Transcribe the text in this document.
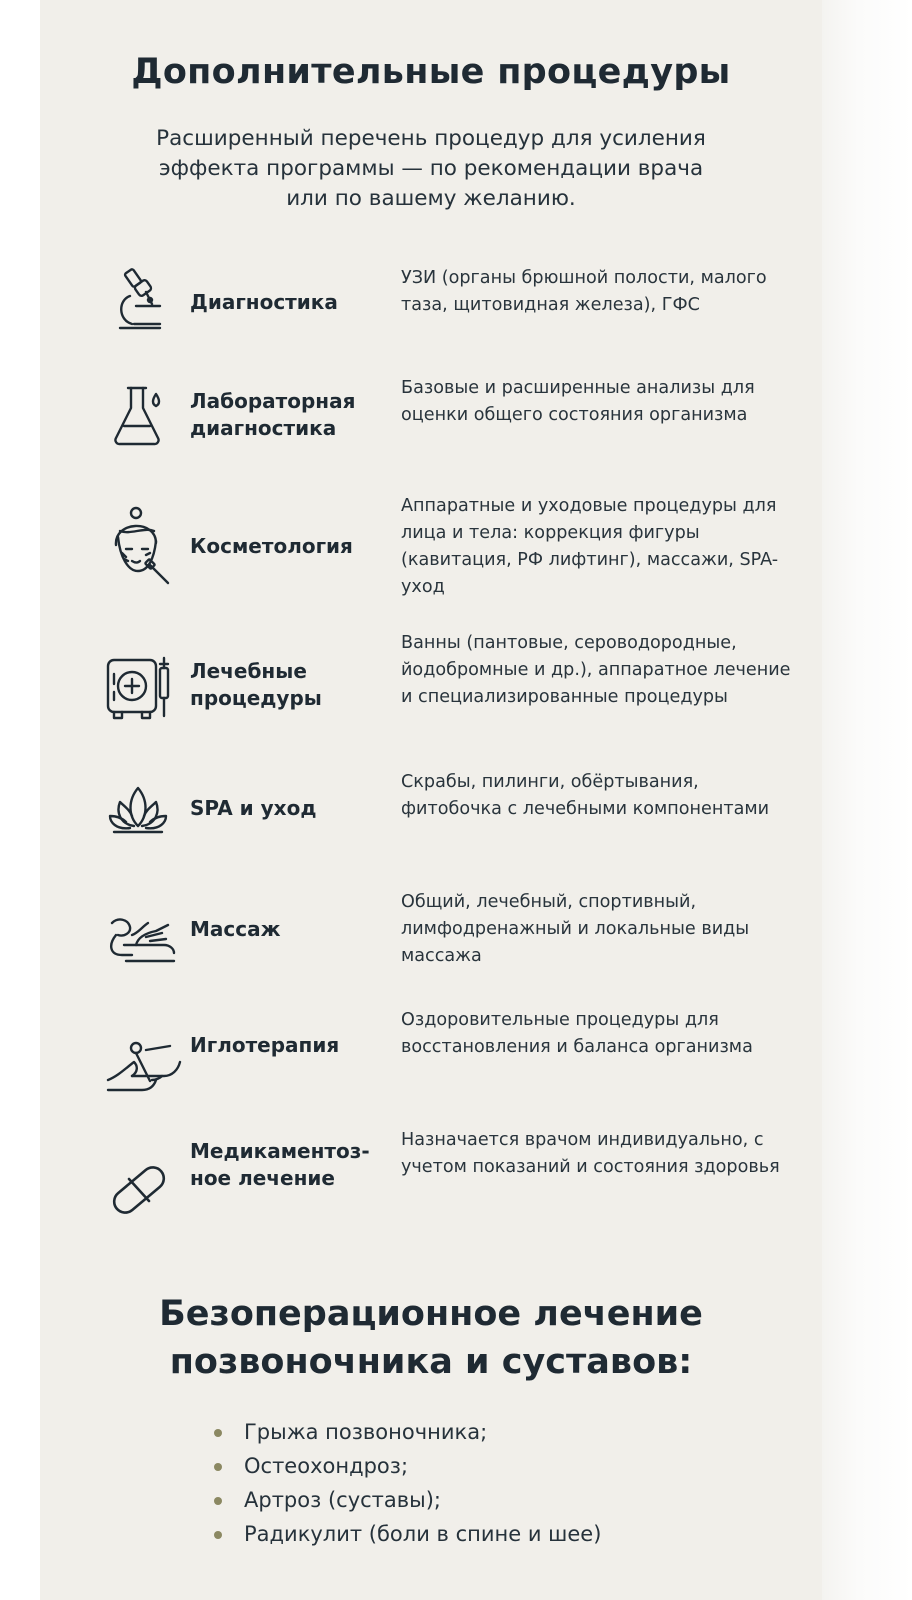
Дополнительные процедуры

Расширенный перечень процедур для усиления эффекта программы — по рекомендации врача или по вашему желанию.

Диагностика
УЗИ (органы брюшной полости, малого таза, щитовидная железа), ГФС
Лабораторная диагностика
Базовые и расширенные анализы для оценки общего состояния организма
Косметология
Аппаратные и уходовые процедуры для лица и тела: коррекция фигуры (кавитация, РФ лифтинг), массажи, SPA-уход
Лечебные процедуры
Ванны (пантовые, сероводородные, йодобромные и др.), аппаратное лечение и специализированные процедуры
SPA и уход
Скрабы, пилинги, обёртывания, фитобочка с лечебными компонентами
Массаж
Общий, лечебный, спортивный, лимфодренажный и локальные виды массажа
Иглотерапия
Оздоровительные процедуры для восстановления и баланса организма
Медикаментоз-ное лечение
Назначается врачом индивидуально, с учетом показаний и состояния здоровья
Безоперационное лечение позвоночника и суставов:
Грыжа позвоночника;
Остеохондроз;
Артроз (суставы);
Радикулит (боли в спине и шее)
